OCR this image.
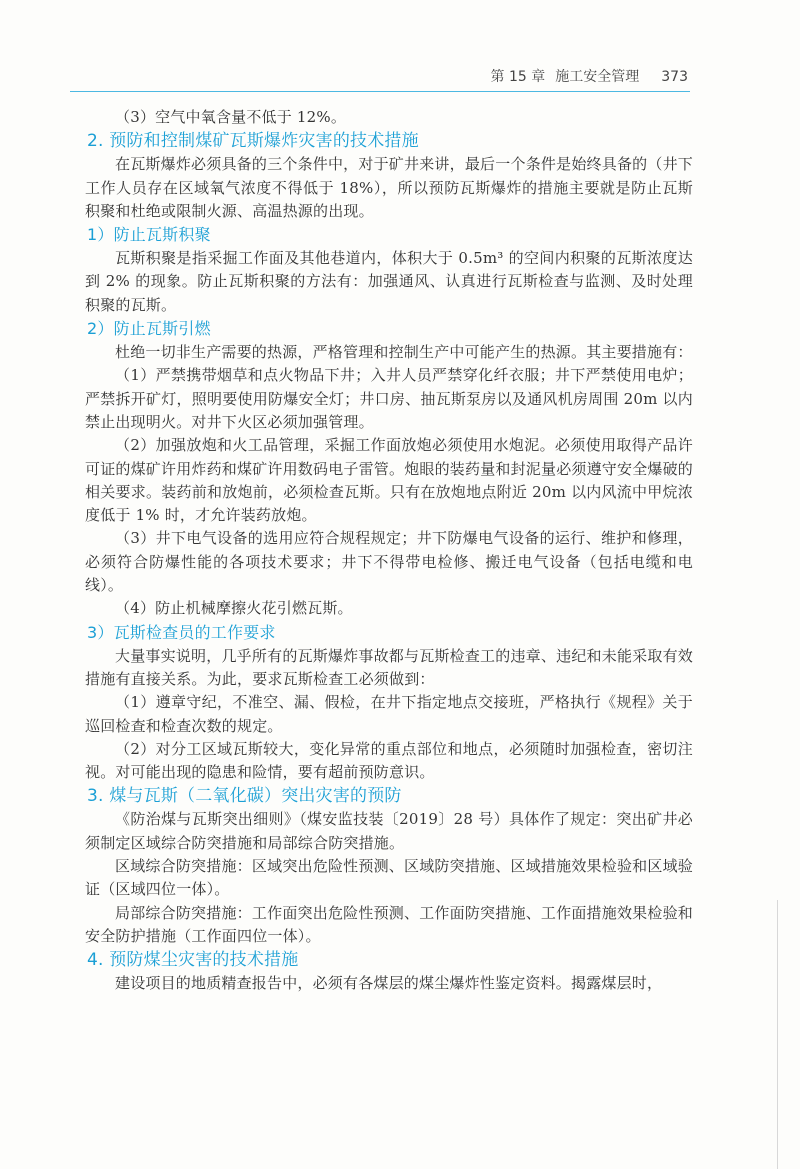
第 15 章 施工安全管理 373

（3）空气中氧含量不低于 12%。

2. 预防和控制煤矿瓦斯爆炸灾害的技术措施

在瓦斯爆炸必须具备的三个条件中，对于矿井来讲，最后一个条件是始终具备的（井下工作人员存在区域氧气浓度不得低于 18%），所以预防瓦斯爆炸的措施主要就是防止瓦斯积聚和杜绝或限制火源、高温热源的出现。

1）防止瓦斯积聚

瓦斯积聚是指采掘工作面及其他巷道内，体积大于 0.5m³ 的空间内积聚的瓦斯浓度达到 2% 的现象。防止瓦斯积聚的方法有：加强通风、认真进行瓦斯检查与监测、及时处理积聚的瓦斯。

2）防止瓦斯引燃

杜绝一切非生产需要的热源，严格管理和控制生产中可能产生的热源。其主要措施有：

（1）严禁携带烟草和点火物品下井；入井人员严禁穿化纤衣服；井下严禁使用电炉；严禁拆开矿灯，照明要使用防爆安全灯；井口房、抽瓦斯泵房以及通风机房周围 20m 以内禁止出现明火。对井下火区必须加强管理。

（2）加强放炮和火工品管理，采掘工作面放炮必须使用水炮泥。必须使用取得产品许可证的煤矿许用炸药和煤矿许用数码电子雷管。炮眼的装药量和封泥量必须遵守安全爆破的相关要求。装药前和放炮前，必须检查瓦斯。只有在放炮地点附近 20m 以内风流中甲烷浓度低于 1% 时，才允许装药放炮。

（3）井下电气设备的选用应符合规程规定；井下防爆电气设备的运行、维护和修理，必须符合防爆性能的各项技术要求；井下不得带电检修、搬迁电气设备（包括电缆和电线）。

（4）防止机械摩擦火花引燃瓦斯。

3）瓦斯检查员的工作要求

大量事实说明，几乎所有的瓦斯爆炸事故都与瓦斯检查工的违章、违纪和未能采取有效措施有直接关系。为此，要求瓦斯检查工必须做到：

（1）遵章守纪，不准空、漏、假检，在井下指定地点交接班，严格执行《规程》关于巡回检查和检查次数的规定。

（2）对分工区域瓦斯较大，变化异常的重点部位和地点，必须随时加强检查，密切注视。对可能出现的隐患和险情，要有超前预防意识。

3. 煤与瓦斯（二氧化碳）突出灾害的预防

《防治煤与瓦斯突出细则》（煤安监技装〔2019〕28 号）具体作了规定：突出矿井必须制定区域综合防突措施和局部综合防突措施。

区域综合防突措施：区域突出危险性预测、区域防突措施、区域措施效果检验和区域验证（区域四位一体）。

局部综合防突措施：工作面突出危险性预测、工作面防突措施、工作面措施效果检验和安全防护措施（工作面四位一体）。

4. 预防煤尘灾害的技术措施

建设项目的地质精查报告中，必须有各煤层的煤尘爆炸性鉴定资料。揭露煤层时，
